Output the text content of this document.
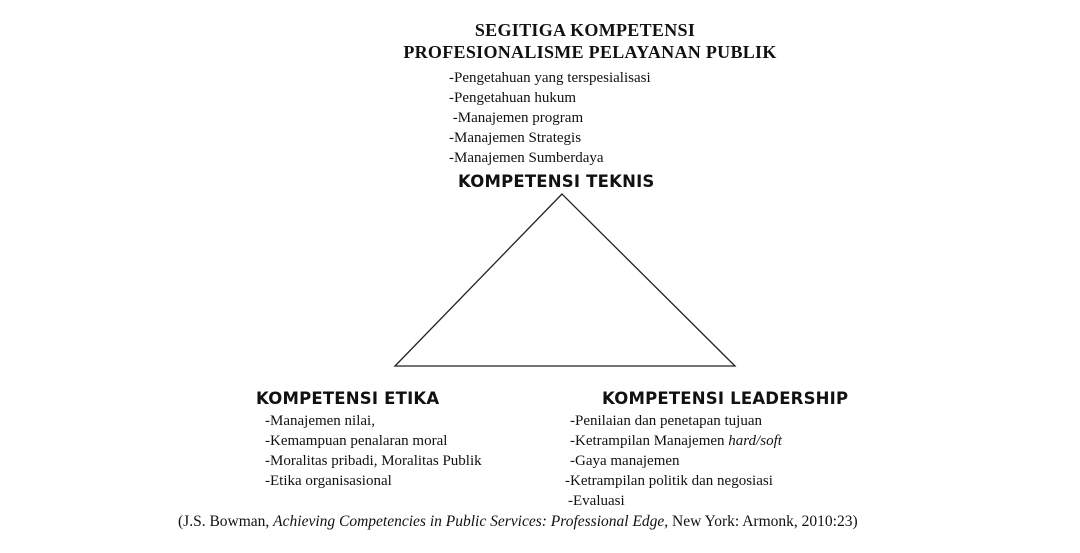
SEGITIGA KOMPETENSI
PROFESIONALISME PELAYANAN PUBLIK
-Pengetahuan yang terspesialisasi
-Pengetahuan hukum
-Manajemen program
-Manajemen Strategis
-Manajemen Sumberdaya
KOMPETENSI TEKNIS
KOMPETENSI ETIKA
-Manajemen nilai,
-Kemampuan penalaran moral
-Moralitas pribadi, Moralitas Publik
-Etika organisasional
KOMPETENSI LEADERSHIP
-Penilaian dan penetapan tujuan
-Ketrampilan Manajemen hard/soft
-Gaya manajemen
-Ketrampilan politik dan negosiasi
-Evaluasi
(J.S. Bowman, Achieving Competencies in Public Services: Professional Edge, New York: Armonk, 2010:23)
